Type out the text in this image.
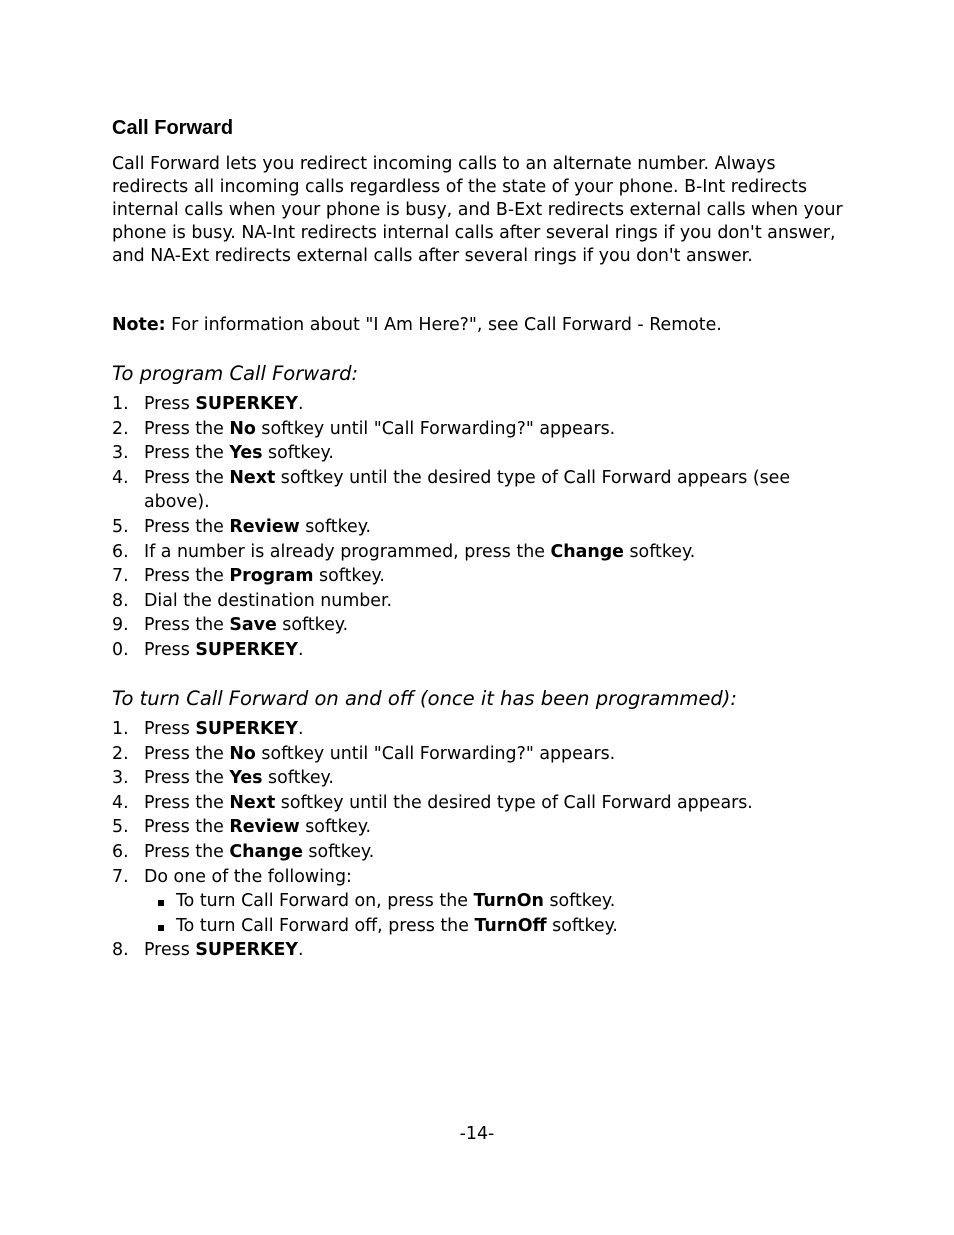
Call Forward

Call Forward lets you redirect incoming calls to an alternate number. Always redirects all incoming calls regardless of the state of your phone. B-Int redirects internal calls when your phone is busy, and B-Ext redirects external calls when your phone is busy. NA-Int redirects internal calls after several rings if you don't answer, and NA-Ext redirects external calls after several rings if you don't answer.

Note: For information about "I Am Here?", see Call Forward - Remote.

To program Call Forward:

1. Press SUPERKEY.
2. Press the No softkey until "Call Forwarding?" appears.
3. Press the Yes softkey.
4. Press the Next softkey until the desired type of Call Forward appears (see above).
5. Press the Review softkey.
6. If a number is already programmed, press the Change softkey.
7. Press the Program softkey.
8. Dial the destination number.
9. Press the Save softkey.
0. Press SUPERKEY.

To turn Call Forward on and off (once it has been programmed):

1. Press SUPERKEY.
2. Press the No softkey until "Call Forwarding?" appears.
3. Press the Yes softkey.
4. Press the Next softkey until the desired type of Call Forward appears.
5. Press the Review softkey.
6. Press the Change softkey.
7. Do one of the following:
To turn Call Forward on, press the TurnOn softkey.
To turn Call Forward off, press the TurnOff softkey.
8. Press SUPERKEY.
-14-
